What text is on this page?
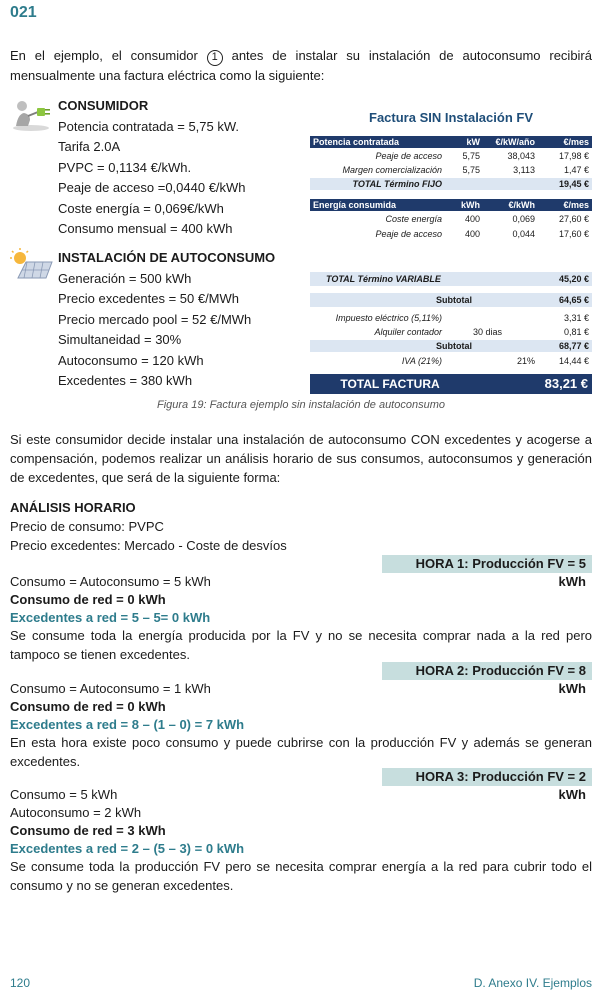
021
En el ejemplo, el consumidor 1 antes de instalar su instalación de autoconsumo recibirá mensualmente una factura eléctrica como la siguiente:
CONSUMIDOR
Potencia contratada = 5,75 kW.
Tarifa 2.0A
PVPC = 0,1134 €/kWh.
Peaje de acceso =0,0440 €/kWh
Coste energía = 0,069€/kWh
Consumo mensual = 400 kWh
INSTALACIÓN DE AUTOCONSUMO
Generación = 500 kWh
Precio excedentes = 50 €/MWh
Precio mercado pool = 52 €/MWh
Simultaneidad = 30%
Autoconsumo = 120 kWh
Excedentes = 380 kWh
Factura SIN Instalación FV
Potencia contratada	kW €/kW/año	€/mes
Peaje de acceso 5,75	38,043	17,98 €
Margen comercialización 5,75	3,113	1,47 €
TOTAL Término FIJO	19,45 €
Energía consumida	kWh	€/kWh	€/mes
Coste energía	400	0,069	27,60 €
Peaje de acceso	400	0,044	17,60 €
TOTAL Término VARIABLE	45,20 €
Subtotal	64,65 €
Impuesto eléctrico (5,11%)	3,31 €
Alquiler contador	30 dias	0,81 €
Subtotal	68,77 €
IVA (21%)	21%	14,44 €
TOTAL FACTURA	83,21 €
Figura 19: Factura ejemplo sin instalación de autoconsumo
Si este consumidor decide instalar una instalación de autoconsumo CON excedentes y acogerse a compensación, podemos realizar un análisis horario de sus consumos, autoconsumos y generación de excedentes, que será de la siguiente forma:
ANÁLISIS HORARIO
Precio de consumo: PVPC
Precio excedentes: Mercado - Coste de desvíos
HORA 1: Producción FV = 5 kWh
Consumo = Autoconsumo = 5 kWh
Consumo de red = 0 kWh
Excedentes a red = 5 – 5= 0 kWh
Se consume toda la energía producida por la FV y no se necesita comprar nada a la red pero tampoco se tienen excedentes.
HORA 2: Producción FV = 8 kWh
Consumo = Autoconsumo = 1 kWh
Consumo de red = 0 kWh
Excedentes a red = 8 – (1 – 0) = 7 kWh
En esta hora existe poco consumo y puede cubrirse con la producción FV y además se generan excedentes.
HORA 3: Producción FV = 2 kWh
Consumo = 5 kWh
Autoconsumo = 2 kWh
Consumo de red = 3 kWh
Excedentes a red = 2 – (5 – 3) = 0 kWh
Se consume toda la producción FV pero se necesita comprar energía a la red para cubrir todo el consumo y no se generan excedentes.
120	D. Anexo IV. Ejemplos
